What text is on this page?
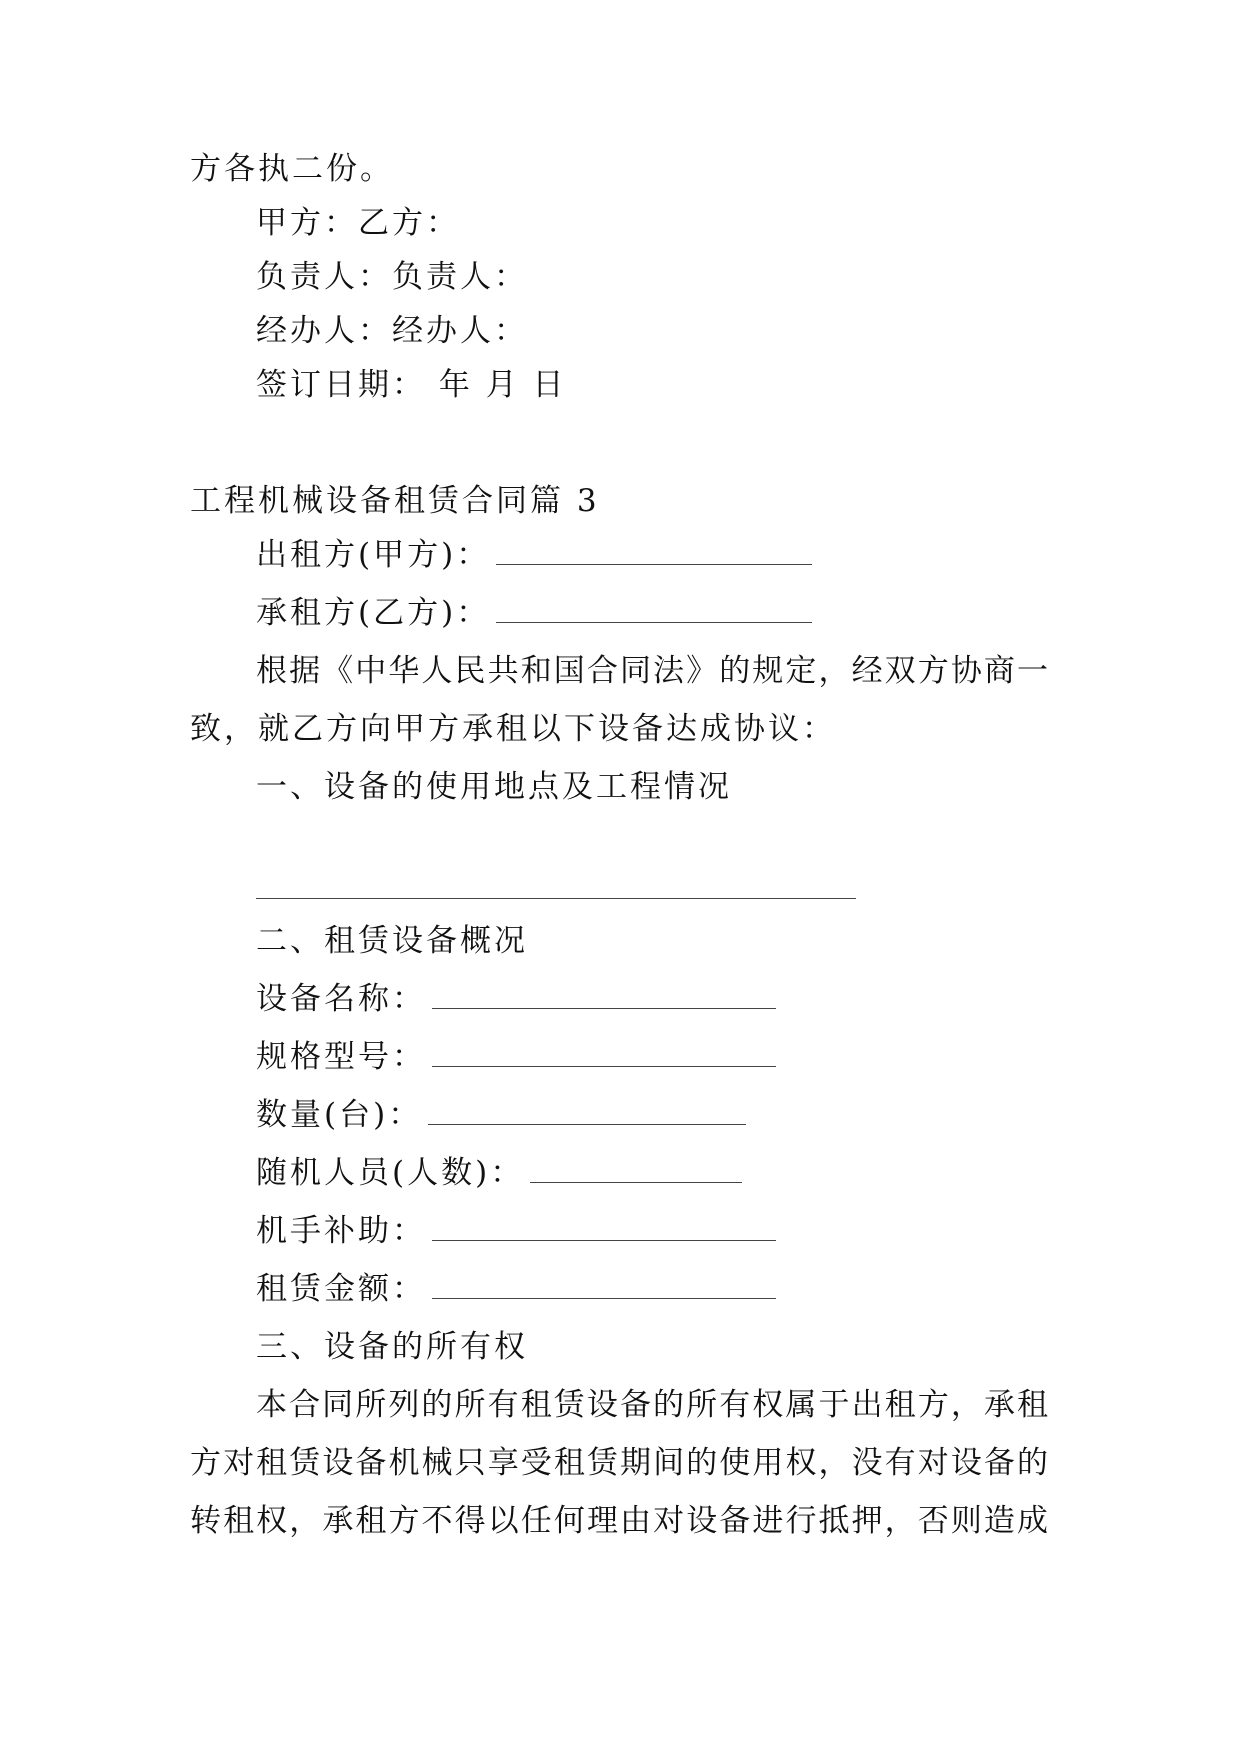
方各执二份。
甲方：乙方：
负责人：负责人：
经办人：经办人：
签订日期： 年 月 日
工程机械设备租赁合同篇 3
出租方(甲方)：
承租方(乙方)：
根据《中华人民共和国合同法》的规定，经双方协商一
致，就乙方向甲方承租以下设备达成协议：
一、设备的使用地点及工程情况
二、租赁设备概况
设备名称：
规格型号：
数量(台)：
随机人员(人数)：
机手补助：
租赁金额：
三、设备的所有权
本合同所列的所有租赁设备的所有权属于出租方，承租
方对租赁设备机械只享受租赁期间的使用权，没有对设备的
转租权，承租方不得以任何理由对设备进行抵押，否则造成
